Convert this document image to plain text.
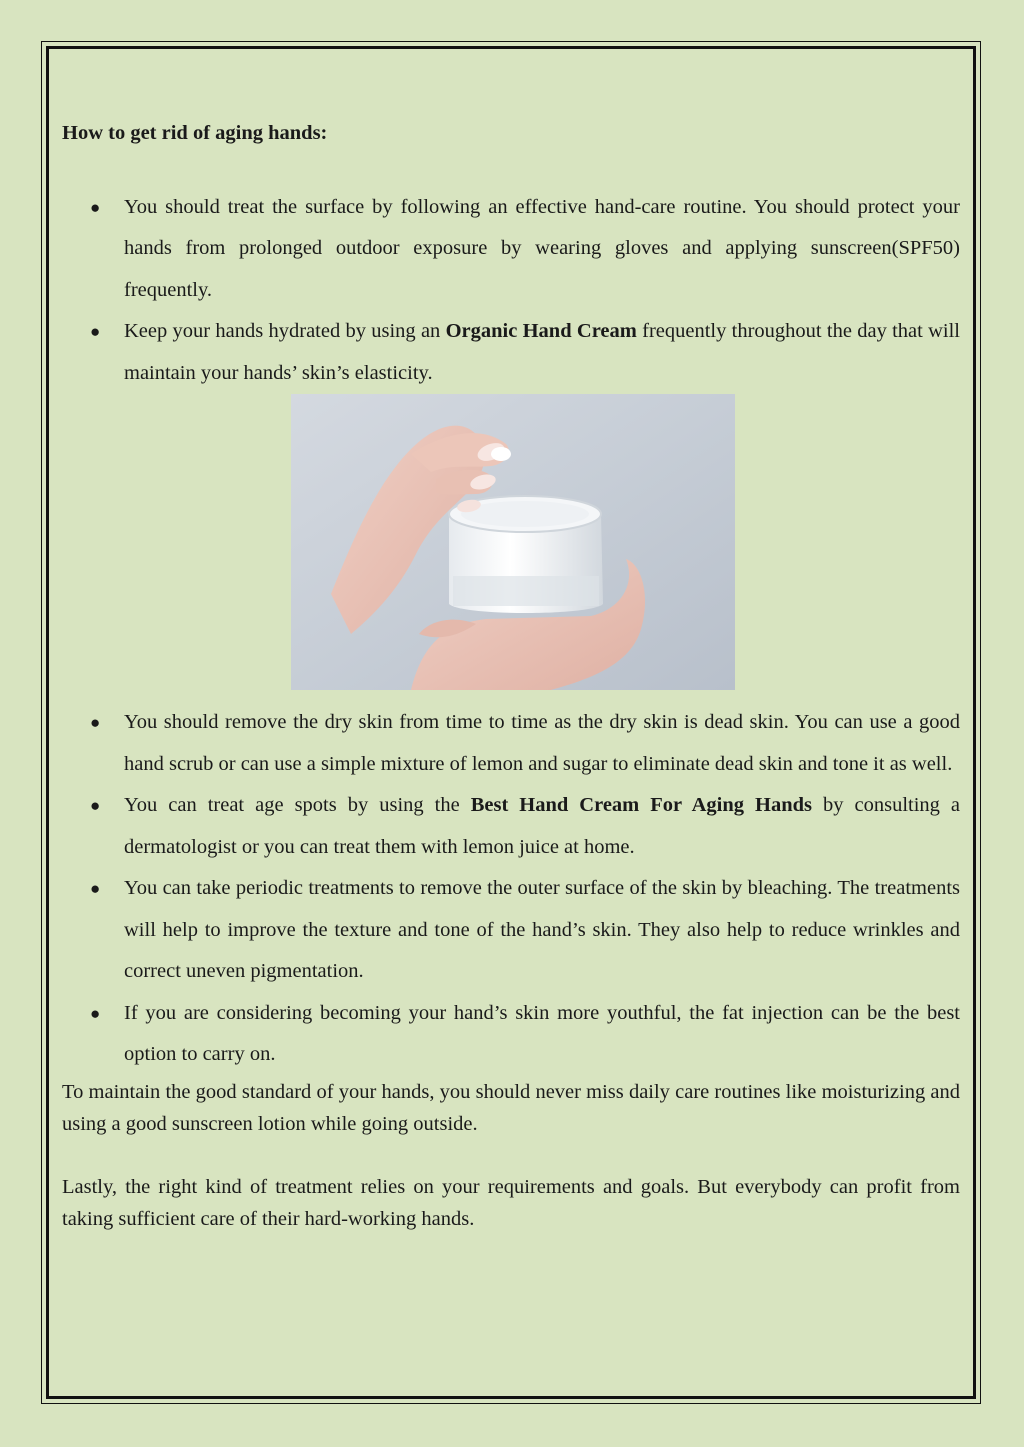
How to get rid of aging hands:
● You should treat the surface by following an effective hand-care routine. You should protect your hands from prolonged outdoor exposure by wearing gloves and applying sunscreen(SPF50) frequently.
● Keep your hands hydrated by using an Organic Hand Cream frequently throughout the day that will maintain your hands’ skin’s elasticity.
● You should remove the dry skin from time to time as the dry skin is dead skin. You can use a good hand scrub or can use a simple mixture of lemon and sugar to eliminate dead skin and tone it as well.
● You can treat age spots by using the Best Hand Cream For Aging Hands by consulting a dermatologist or you can treat them with lemon juice at home.
● You can take periodic treatments to remove the outer surface of the skin by bleaching. The treatments will help to improve the texture and tone of the hand’s skin. They also help to reduce wrinkles and correct uneven pigmentation.
● If you are considering becoming your hand’s skin more youthful, the fat injection can be the best option to carry on.

To maintain the good standard of your hands, you should never miss daily care routines like moisturizing and using a good sunscreen lotion while going outside.

Lastly, the right kind of treatment relies on your requirements and goals. But everybody can profit from taking sufficient care of their hard-working hands.
